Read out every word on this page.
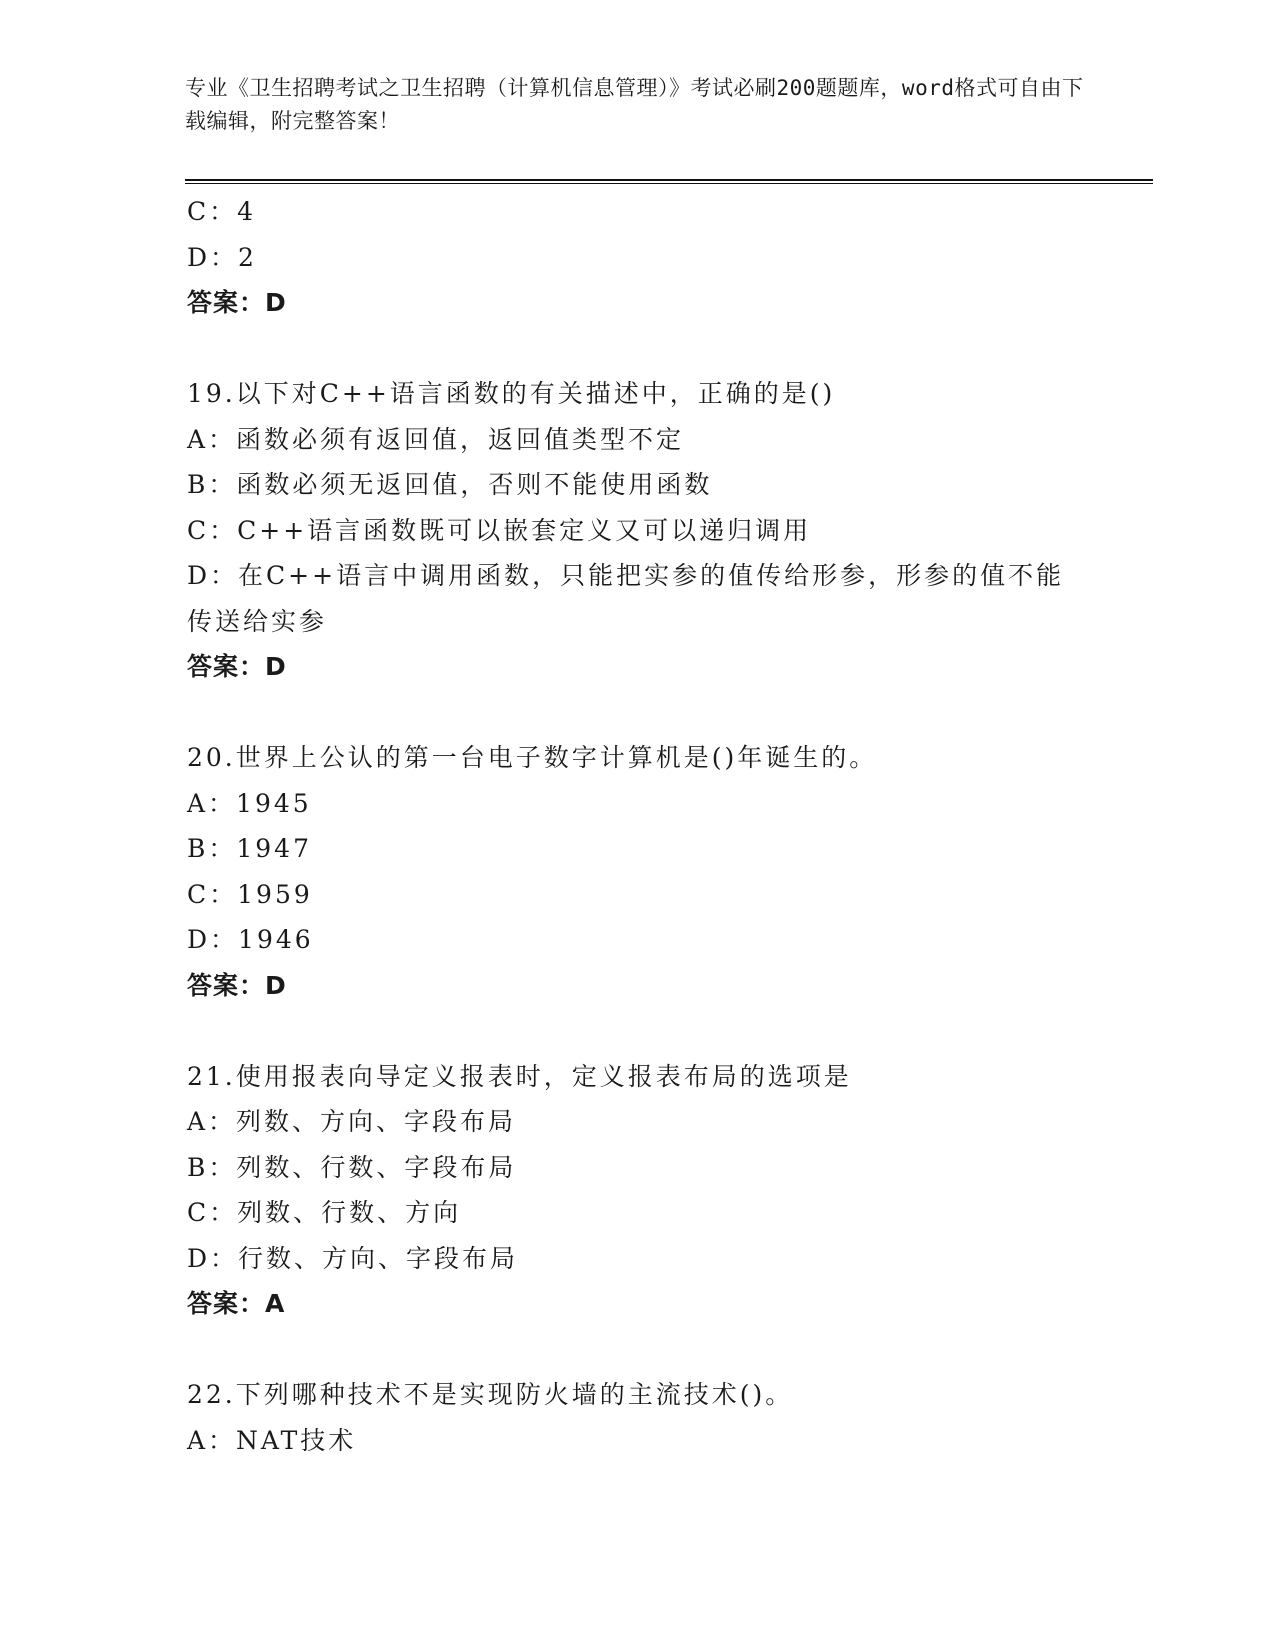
专业《卫生招聘考试之卫生招聘（计算机信息管理）》考试必刷200题题库，word格式可自由下载编辑，附完整答案！
C：4
D：2
答案：D
19.以下对C++语言函数的有关描述中，正确的是()
A：函数必须有返回值，返回值类型不定
B：函数必须无返回值，否则不能使用函数
C：C++语言函数既可以嵌套定义又可以递归调用
D：在C++语言中调用函数，只能把实参的值传给形参，形参的值不能传送给实参
答案：D
20.世界上公认的第一台电子数字计算机是()年诞生的。
A：1945
B：1947
C：1959
D：1946
答案：D
21.使用报表向导定义报表时，定义报表布局的选项是
A：列数、方向、字段布局
B：列数、行数、字段布局
C：列数、行数、方向
D：行数、方向、字段布局
答案：A
22.下列哪种技术不是实现防火墙的主流技术()。
A：NAT技术
